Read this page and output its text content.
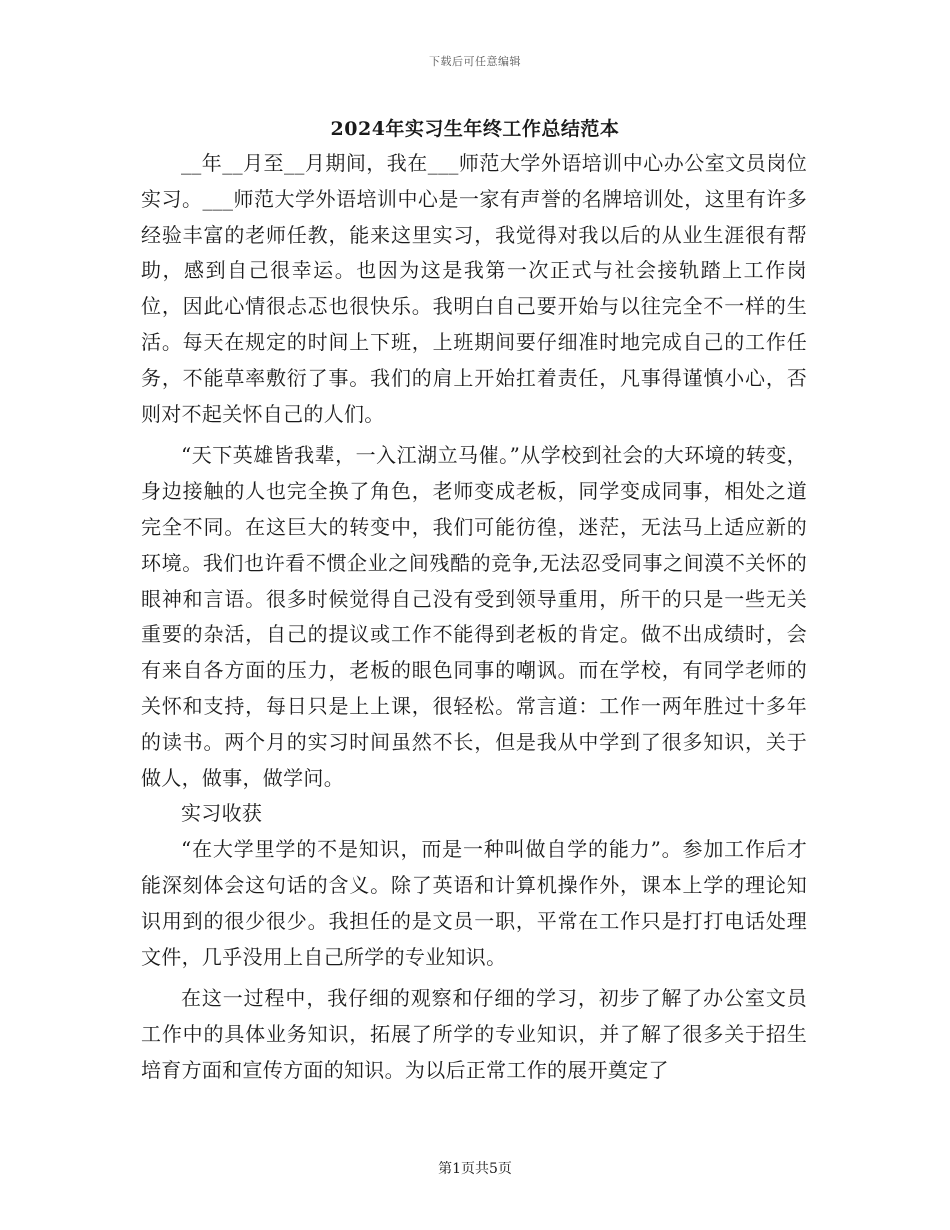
下载后可任意编辑
2024年实习生年终工作总结范本

__年__月至__月期间，我在___师范大学外语培训中心办公室文员岗位实习。___师范大学外语培训中心是一家有声誉的名牌培训处，这里有许多经验丰富的老师任教，能来这里实习，我觉得对我以后的从业生涯很有帮助，感到自己很幸运。也因为这是我第一次正式与社会接轨踏上工作岗位，因此心情很忐忑也很快乐。我明白自己要开始与以往完全不一样的生活。每天在规定的时间上下班，上班期间要仔细准时地完成自己的工作任务，不能草率敷衍了事。我们的肩上开始扛着责任，凡事得谨慎小心，否则对不起关怀自己的人们。

“天下英雄皆我辈，一入江湖立马催。”从学校到社会的大环境的转变，身边接触的人也完全换了角色，老师变成老板，同学变成同事，相处之道完全不同。在这巨大的转变中，我们可能彷徨，迷茫，无法马上适应新的环境。我们也许看不惯企业之间残酷的竞争,无法忍受同事之间漠不关怀的眼神和言语。很多时候觉得自己没有受到领导重用，所干的只是一些无关重要的杂活，自己的提议或工作不能得到老板的肯定。做不出成绩时，会有来自各方面的压力，老板的眼色同事的嘲讽。而在学校，有同学老师的关怀和支持，每日只是上上课，很轻松。常言道：工作一两年胜过十多年的读书。两个月的实习时间虽然不长，但是我从中学到了很多知识，关于做人，做事，做学问。

实习收获

“在大学里学的不是知识，而是一种叫做自学的能力”。参加工作后才能深刻体会这句话的含义。除了英语和计算机操作外，课本上学的理论知识用到的很少很少。我担任的是文员一职，平常在工作只是打打电话处理文件，几乎没用上自己所学的专业知识。

在这一过程中，我仔细的观察和仔细的学习，初步了解了办公室文员工作中的具体业务知识，拓展了所学的专业知识，并了解了很多关于招生培育方面和宣传方面的知识。为以后正常工作的展开奠定了

第1页共5页
